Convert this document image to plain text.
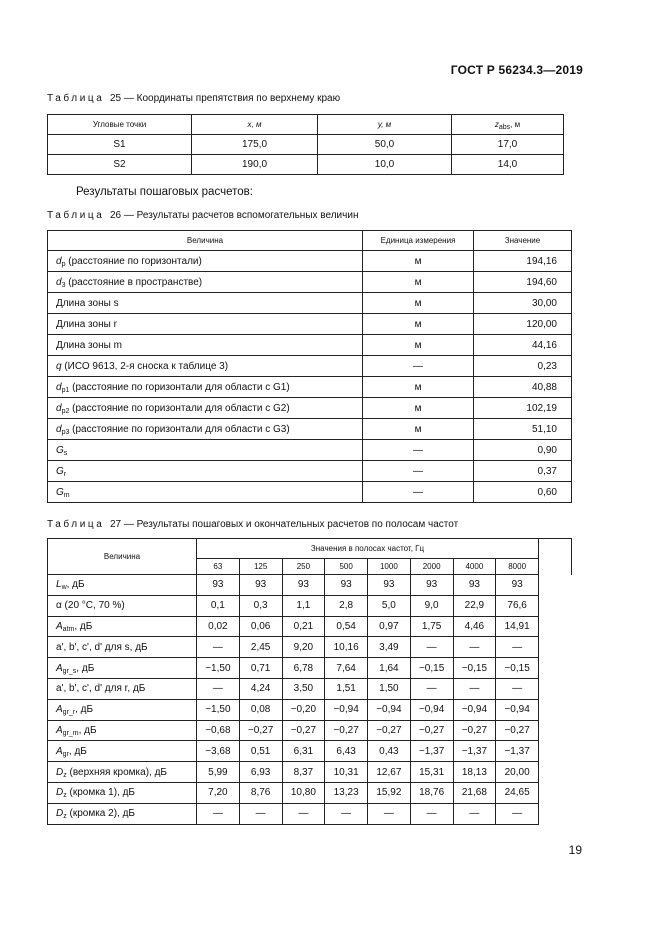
ГОСТ Р 56234.3—2019
Таблица 25 — Координаты препятствия по верхнему краю
Угловые точки	x, м	y, м	$z_{abs}$, м
S1	175,0	50,0	17,0
S2	190,0	10,0	14,0
Результаты пошаговых расчетов:
Таблица 26 — Результаты расчетов вспомогательных величин
Величина	Единица измерения	Значение
$d_p$ (расстояние по горизонтали)	м	194,16
$d_3$ (расстояние в пространстве)	м	194,60
Длина зоны s	м	30,00
Длина зоны r	м	120,00
Длина зоны m	м	44,16
q (ИСО 9613, 2-я сноска к таблице 3)	—	0,23
$d_{p1}$ (расстояние по горизонтали для области с G1)	м	40,88
$d_{p2}$ (расстояние по горизонтали для области с G2)	м	102,19
$d_{p3}$ (расстояние по горизонтали для области с G3)	м	51,10
$G_s$	—	0,90
$G_r$	—	0,37
$G_m$	—	0,60
Таблица 27 — Результаты пошаговых и окончательных расчетов по полосам частот
Величина	Значения в полосах частот, Гц								
	63	125	250	500	1000	2000	4000	8000	
$L_w$, дБ	93	93	93	93	93	93	93	93	
α (20 °C, 70 %)	0,1	0,3	1,1	2,8	5,0	9,0	22,9	76,6	
$A_{atm}$, дБ	0,02	0,06	0,21	0,54	0,97	1,75	4,46	14,91	
a', b', c', d' для s, дБ	—	2,45	9,20	10,16	3,49	—	—	—	
$A_{gr\_s}$, дБ	−1,50	0,71	6,78	7,64	1,64	−0,15	−0,15	−0,15	
a', b', c', d' для r, дБ	—	4,24	3,50	1,51	1,50	—	—	—	
$A_{gr\_r}$, дБ	−1,50	0,08	−0,20	−0,94	−0,94	−0,94	−0,94	−0,94	
$A_{gr\_m}$, дБ	−0,68	−0,27	−0,27	−0,27	−0,27	−0,27	−0,27	−0,27	
$A_{gr}$, дБ	−3,68	0,51	6,31	6,43	0,43	−1,37	−1,37	−1,37	
$D_z$ (верхняя кромка), дБ	5,99	6,93	8,37	10,31	12,67	15,31	18,13	20,00	
$D_z$ (кромка 1), дБ	7,20	8,76	10,80	13,23	15,92	18,76	21,68	24,65	
$D_z$ (кромка 2), дБ	—	—	—	—	—	—	—	—	
19
